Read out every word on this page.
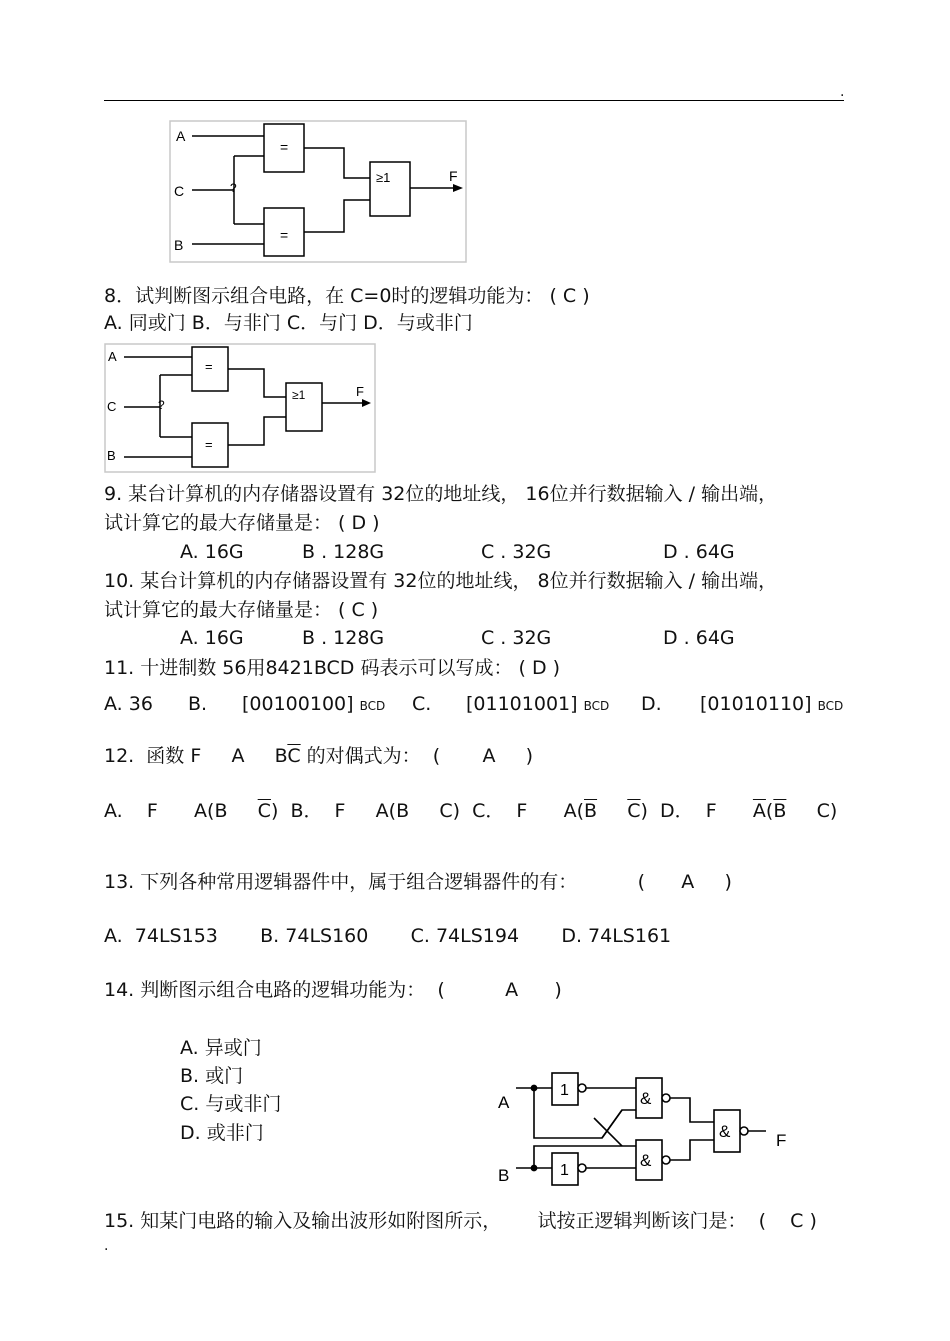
.
A
C
B
?
=
=
≥1	F
8．试判断图示组合电路，在 C=0时的逻辑功能为： ( C )
A. 同或门 B．与非门 C．与门 D．与或非门
A
C
B
?
=
=
≥1	F
9. 某台计算机的内存储器设置有 32位的地址线， 16位并行数据输入 / 输出端，
试计算它的最大存储量是： ( D )
A. 16G	B . 128G	C . 32G	D . 64G
10. 某台计算机的内存储器设置有 32位的地址线， 8位并行数据输入 / 输出端，
试计算它的最大存储量是： ( C )
A. 16G	B . 128G	C . 32G	D . 64G
11. 十进制数 56用8421BCD 码表示可以写成： ( D )
A. 36 B. [00100100] BCD C. [01101001] BCD D. [01010110] BCD
12.  函数 F     A     $B\overline{C}$ 的对偶式为：  (       A     )
A.    F      A(B     $\overline{C}$)  B．  F     A(B     C)  C．  F      $A(\overline{B}$ $\overline{C}$)  D．  F      $\overline{A}(\overline{B}$     C)
13. 下列各种常用逻辑器件中，属于组合逻辑器件的有：          (      A     )
A.  74LS153       B. 74LS160       C. 74LS194       D. 74LS161
14. 判断图示组合电路的逻辑功能为：  (          A      )
A. 异或门
B. 或门
C. 与或非门
D. 或非门
A
B
1
1
&
&
&	F
15. 知某门电路的输入及输出波形如附图所示，      试按正逻辑判断该门是：  (    C )
.
